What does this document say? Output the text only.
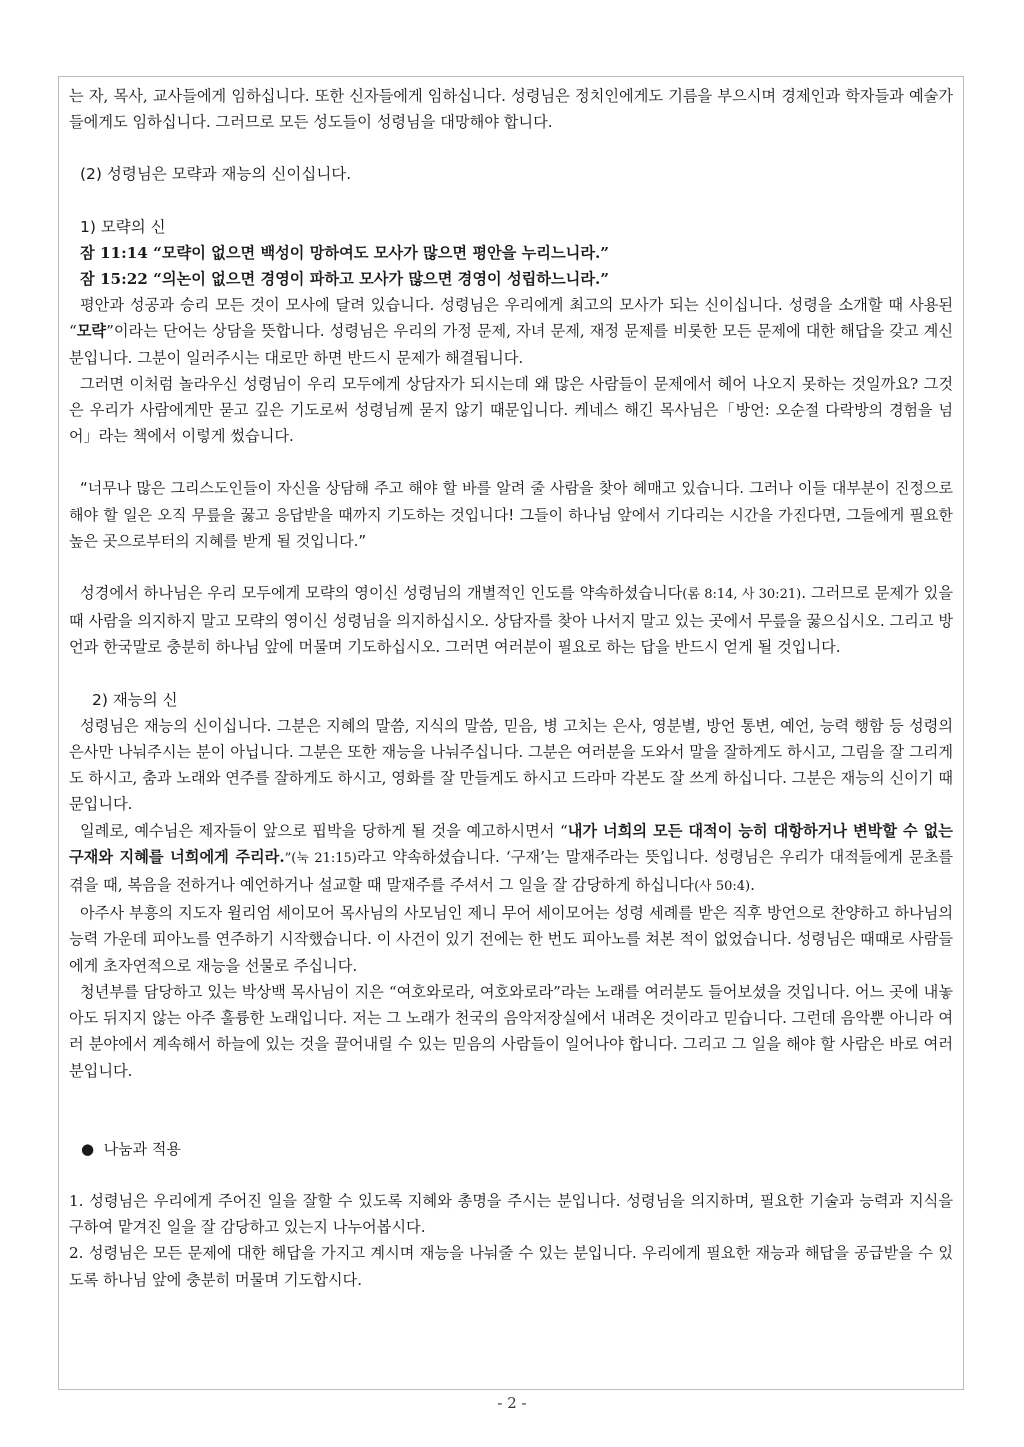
는 자, 목사, 교사들에게 임하십니다. 또한 신자들에게 임하십니다. 성령님은 정치인에게도 기름을 부으시며 경제인과 학자들과 예술가들에게도 임하십니다. 그러므로 모든 성도들이 성령님을 대망해야 합니다.

(2) 성령님은 모략과 재능의 신이십니다.

1) 모략의 신

잠 11:14 “모략이 없으면 백성이 망하여도 모사가 많으면 평안을 누리느니라.”

잠 15:22 “의논이 없으면 경영이 파하고 모사가 많으면 경영이 성립하느니라.”

평안과 성공과 승리 모든 것이 모사에 달려 있습니다. 성령님은 우리에게 최고의 모사가 되는 신이십니다. 성령을 소개할 때 사용된 “모략”이라는 단어는 상담을 뜻합니다. 성령님은 우리의 가정 문제, 자녀 문제, 재정 문제를 비롯한 모든 문제에 대한 해답을 갖고 계신 분입니다. 그분이 일러주시는 대로만 하면 반드시 문제가 해결됩니다.

그러면 이처럼 놀라우신 성령님이 우리 모두에게 상담자가 되시는데 왜 많은 사람들이 문제에서 헤어 나오지 못하는 것일까요? 그것은 우리가 사람에게만 묻고 깊은 기도로써 성령님께 묻지 않기 때문입니다. 케네스 해긴 목사님은「방언: 오순절 다락방의 경험을 넘어」라는 책에서 이렇게 썼습니다.

“너무나 많은 그리스도인들이 자신을 상담해 주고 해야 할 바를 알려 줄 사람을 찾아 헤매고 있습니다. 그러나 이들 대부분이 진정으로 해야 할 일은 오직 무릎을 꿇고 응답받을 때까지 기도하는 것입니다! 그들이 하나님 앞에서 기다리는 시간을 가진다면, 그들에게 필요한 높은 곳으로부터의 지혜를 받게 될 것입니다.”

성경에서 하나님은 우리 모두에게 모략의 영이신 성령님의 개별적인 인도를 약속하셨습니다(롬 8:14, 사 30:21). 그러므로 문제가 있을 때 사람을 의지하지 말고 모략의 영이신 성령님을 의지하십시오. 상담자를 찾아 나서지 말고 있는 곳에서 무릎을 꿇으십시오. 그리고 방언과 한국말로 충분히 하나님 앞에 머물며 기도하십시오. 그러면 여러분이 필요로 하는 답을 반드시 얻게 될 것입니다.

2) 재능의 신

성령님은 재능의 신이십니다. 그분은 지혜의 말씀, 지식의 말씀, 믿음, 병 고치는 은사, 영분별, 방언 통변, 예언, 능력 행함 등 성령의 은사만 나눠주시는 분이 아닙니다. 그분은 또한 재능을 나눠주십니다. 그분은 여러분을 도와서 말을 잘하게도 하시고, 그림을 잘 그리게도 하시고, 춤과 노래와 연주를 잘하게도 하시고, 영화를 잘 만들게도 하시고 드라마 각본도 잘 쓰게 하십니다. 그분은 재능의 신이기 때문입니다.

일례로, 예수님은 제자들이 앞으로 핍박을 당하게 될 것을 예고하시면서 “내가 너희의 모든 대적이 능히 대항하거나 변박할 수 없는 구재와 지혜를 너희에게 주리라.”(눅 21:15)라고 약속하셨습니다. ‘구재’는 말재주라는 뜻입니다. 성령님은 우리가 대적들에게 문초를 겪을 때, 복음을 전하거나 예언하거나 설교할 때 말재주를 주셔서 그 일을 잘 감당하게 하십니다(사 50:4).

아주사 부흥의 지도자 윌리엄 세이모어 목사님의 사모님인 제니 무어 세이모어는 성령 세례를 받은 직후 방언으로 찬양하고 하나님의 능력 가운데 피아노를 연주하기 시작했습니다. 이 사건이 있기 전에는 한 번도 피아노를 쳐본 적이 없었습니다. 성령님은 때때로 사람들에게 초자연적으로 재능을 선물로 주십니다.

청년부를 담당하고 있는 박상백 목사님이 지은 “여호와로라, 여호와로라”라는 노래를 여러분도 들어보셨을 것입니다. 어느 곳에 내놓아도 뒤지지 않는 아주 훌륭한 노래입니다. 저는 그 노래가 천국의 음악저장실에서 내려온 것이라고 믿습니다. 그런데 음악뿐 아니라 여러 분야에서 계속해서 하늘에 있는 것을 끌어내릴 수 있는 믿음의 사람들이 일어나야 합니다. 그리고 그 일을 해야 할 사람은 바로 여러분입니다.

● 나눔과 적용

1. 성령님은 우리에게 주어진 일을 잘할 수 있도록 지혜와 총명을 주시는 분입니다. 성령님을 의지하며, 필요한 기술과 능력과 지식을 구하여 맡겨진 일을 잘 감당하고 있는지 나누어봅시다.

2. 성령님은 모든 문제에 대한 해답을 가지고 계시며 재능을 나눠줄 수 있는 분입니다. 우리에게 필요한 재능과 해답을 공급받을 수 있도록 하나님 앞에 충분히 머물며 기도합시다.

- 2 -
